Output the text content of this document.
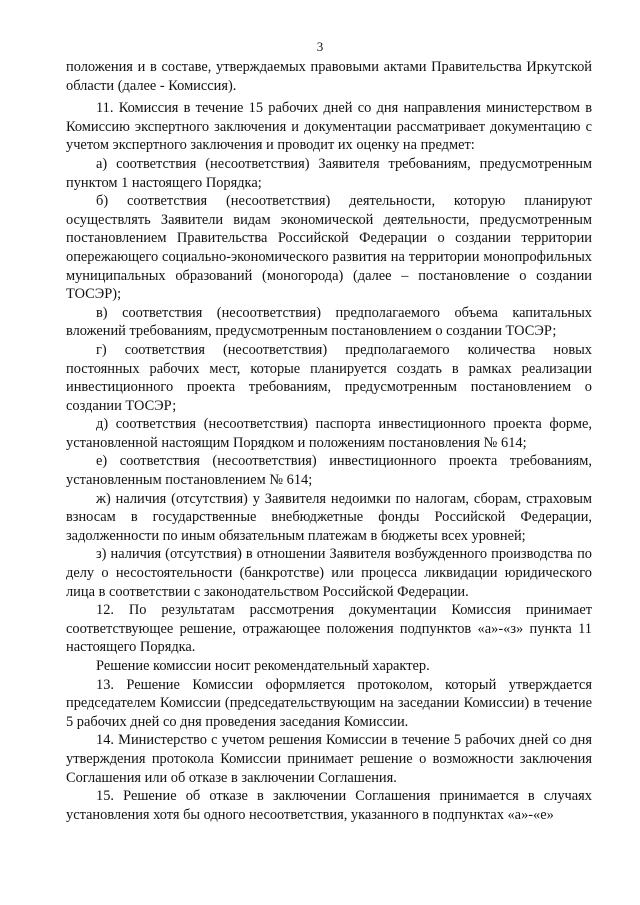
3

положения и в составе, утверждаемых правовыми актами Правительства Иркутской области (далее - Комиссия).

11. Комиссия в течение 15 рабочих дней со дня направления министерством в Комиссию экспертного заключения и документации рассматривает документацию с учетом экспертного заключения и проводит их оценку на предмет:

а) соответствия (несоответствия) Заявителя требованиям, предусмотренным пунктом 1 настоящего Порядка;

б) соответствия (несоответствия) деятельности, которую планируют осуществлять Заявители видам экономической деятельности, предусмотренным постановлением Правительства Российской Федерации о создании территории опережающего социально-экономического развития на территории монопрофильных муниципальных образований (моногорода) (далее – постановление о создании ТОСЭР);

в) соответствия (несоответствия) предполагаемого объема капитальных вложений требованиям, предусмотренным постановлением о создании ТОСЭР;

г) соответствия (несоответствия) предполагаемого количества новых постоянных рабочих мест, которые планируется создать в рамках реализации инвестиционного проекта требованиям, предусмотренным постановлением о создании ТОСЭР;

д) соответствия (несоответствия) паспорта инвестиционного проекта форме, установленной настоящим Порядком и положениям постановления № 614;

е) соответствия (несоответствия) инвестиционного проекта требованиям, установленным постановлением № 614;

ж) наличия (отсутствия) у Заявителя недоимки по налогам, сборам, страховым взносам в государственные внебюджетные фонды Российской Федерации, задолженности по иным обязательным платежам в бюджеты всех уровней;

з) наличия (отсутствия) в отношении Заявителя возбужденного производства по делу о несостоятельности (банкротстве) или процесса ликвидации юридического лица в соответствии с законодательством Российской Федерации.

12. По результатам рассмотрения документации Комиссия принимает соответствующее решение, отражающее положения подпунктов «а»-«з» пункта 11 настоящего Порядка.

Решение комиссии носит рекомендательный характер.

13. Решение Комиссии оформляется протоколом, который утверждается председателем Комиссии (председательствующим на заседании Комиссии) в течение 5 рабочих дней со дня проведения заседания Комиссии.

14. Министерство с учетом решения Комиссии в течение 5 рабочих дней со дня утверждения протокола Комиссии принимает решение о возможности заключения Соглашения или об отказе в заключении Соглашения.

15. Решение об отказе в заключении Соглашения принимается в случаях установления хотя бы одного несоответствия, указанного в подпунктах «а»-«е»
